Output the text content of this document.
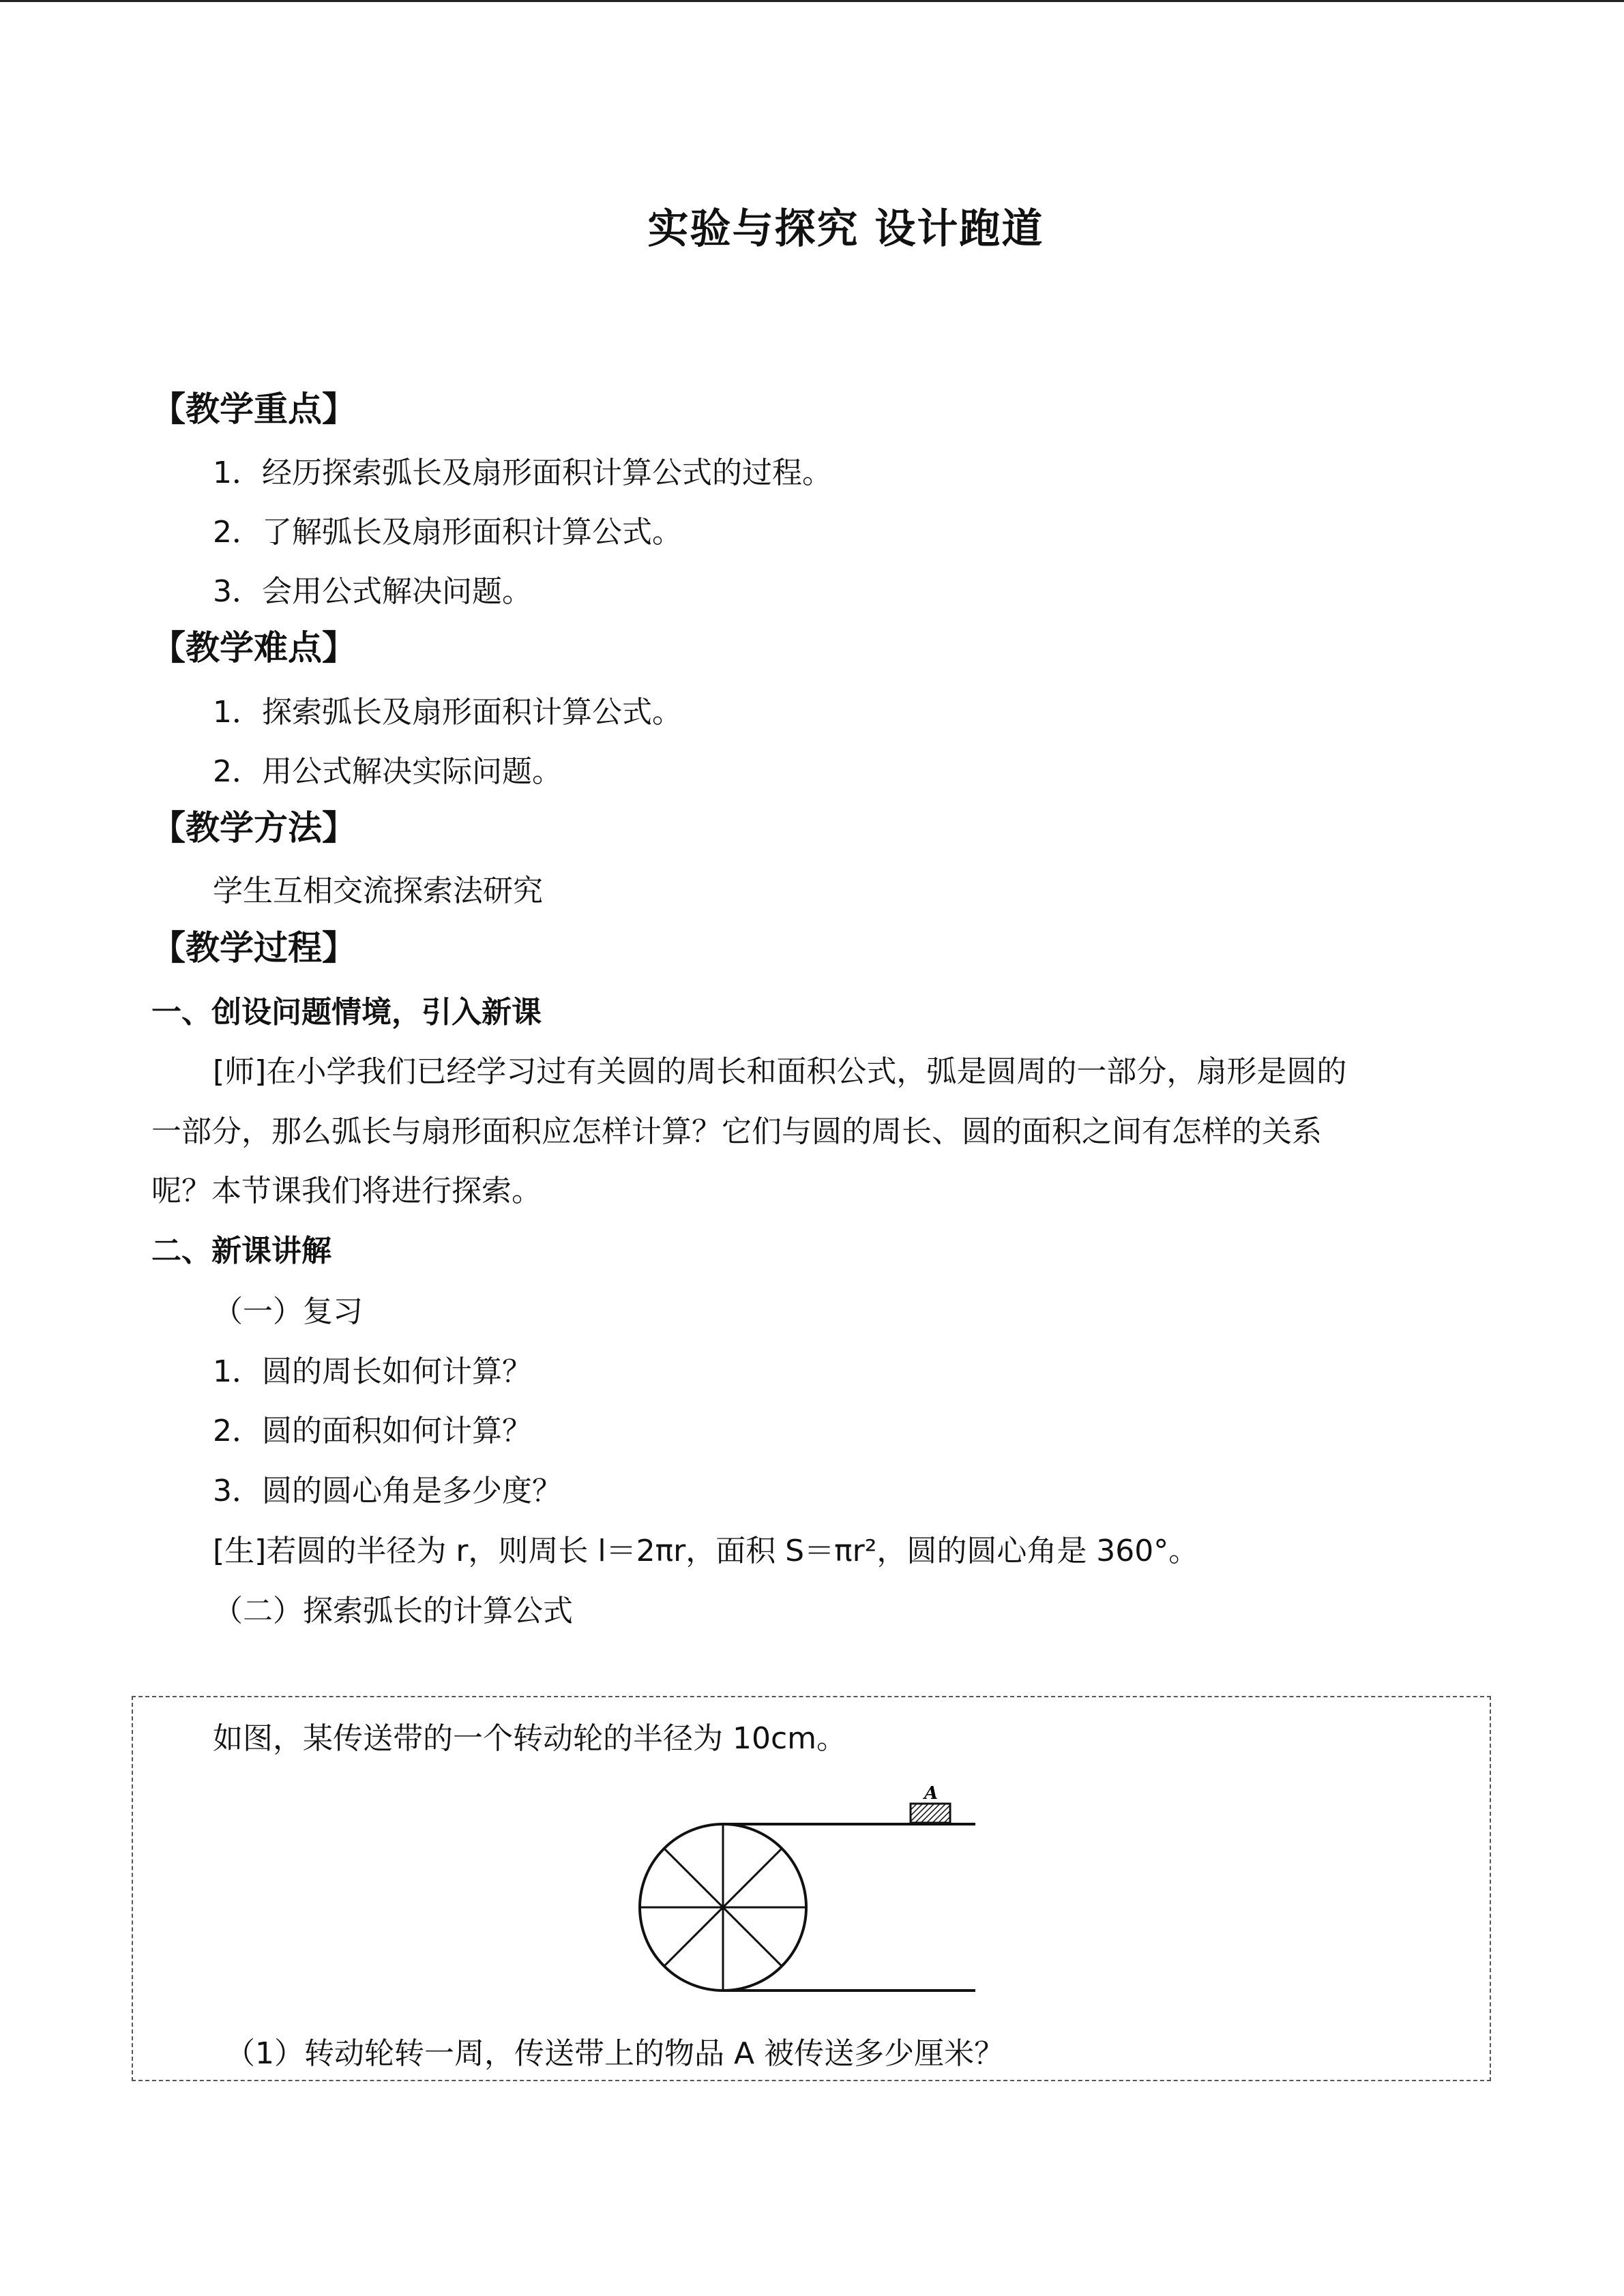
实验与探究 设计跑道
【教学重点】
1．经历探索弧长及扇形面积计算公式的过程。
2．了解弧长及扇形面积计算公式。
3．会用公式解决问题。
【教学难点】
1．探索弧长及扇形面积计算公式。
2．用公式解决实际问题。
【教学方法】
学生互相交流探索法研究
【教学过程】
一、创设问题情境，引入新课
[师]在小学我们已经学习过有关圆的周长和面积公式，弧是圆周的一部分，扇形是圆的
一部分，那么弧长与扇形面积应怎样计算？它们与圆的周长、圆的面积之间有怎样的关系
呢？本节课我们将进行探索。
二、新课讲解
（一）复习
1．圆的周长如何计算？
2．圆的面积如何计算？
3．圆的圆心角是多少度？
[生]若圆的半径为 r，则周长 l＝2πr，面积 S＝πr²，圆的圆心角是 360°。
（二）探索弧长的计算公式
如图，某传送带的一个转动轮的半径为 10cm。
A
（1）转动轮转一周，传送带上的物品 A 被传送多少厘米？
